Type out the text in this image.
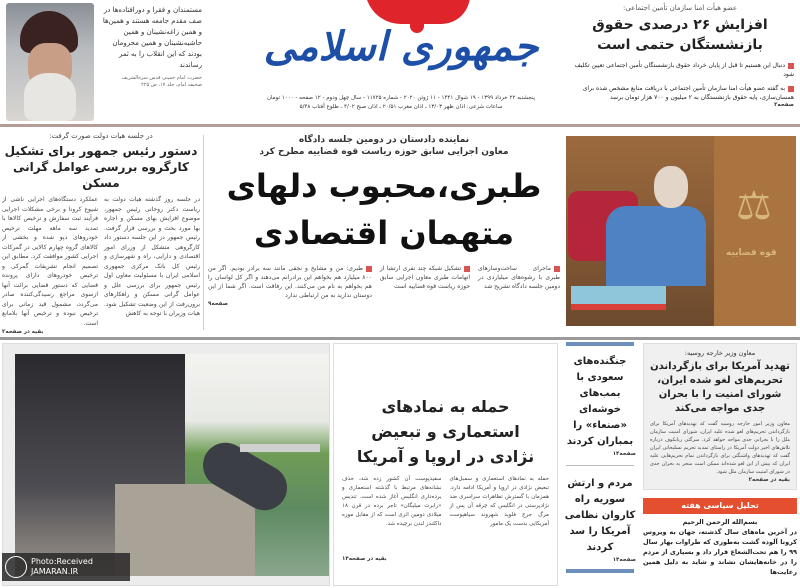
مستمندان و فقرا و دورافتاده‌ها در صف مقدم جامعه هستند و همین‌ها و همین زاغه‌نشینان و همین حاشیه‌نشینان و همین محرومان بودند که این انقلاب را به ثمر رساندند
حضرت امام خمینی قدس سره‌الشریف
صحیفه امام، جلد ۱۷، ص ۲۲۵
جمهوری اسلامی
پنجشنبه ۲۲ خرداد ۱۳۹۹ - ۱۹ شوال ۱۴۴۱ - ۱۱ ژوئن ۲۰۲۰ - شماره ۱۱۷۲۵ - سال چهل ودوم - ۱۲ صفحه - ۱۰۰۰ تومان
ساعات شرعی: اذان ظهر ۱۳/۰۳ ـ اذان مغرب ۲۰/۵۱ ـ اذان صبح ۴/۰۲ ـ طلوع آفتاب ۵/۴۸
عضو هیأت امنا سازمان تأمین اجتماعی:
افزایش ۲۶ درصدی حقوق بازنشستگان حتمی است
دنبال این هستیم تا قبل از پایان خرداد حقوق بازنشستگان تأمین اجتماعی تعیین تکلیف شود
به گفته عضو هیأت امنا سازمان تأمین اجتماعی با دریافت منابع مشخص شده برای همسان‌سازی، پایه حقوق بازنشستگان به ۲ میلیون و ۷۰۰ هزار تومان برسد
صفحه۲
در جلسه هیات دولت صورت گرفت:
دستور رئیس جمهور برای تشکیل کارگروه بررسی عوامل گرانی مسکن
در جلسه روز گذشته هیات دولت به ریاست دکتر روحانی رئیس جمهور، موضوع افزایش بهای مسکن و اجاره بها مورد بحث و بررسی قرار گرفت. رئیس جمهور در این جلسه دستور داد کارگروهی متشکل از وزرای امور اقتصادی و دارایی، راه و شهرسازی و رئیس کل بانک مرکزی جمهوری اسلامی ایران با مسئولیت معاون اول رئیس جمهور برای بررسی علل و عوامل گرانی مسکن و راهکارهای برون‌رفت از این وضعیت تشکیل شود. هیات وزیران با توجه به کاهش
عملکرد دستگاه‌های اجرایی ناشی از شیوع کرونا و برخی مشکلات اجرایی فرآیند ثبت سفارش و ترخیص کالاها با تمدید سه ماهه مهلت ترخیص خودروهای دپو شده و بخشی از کالاهای گروه چهارم کالایی در گمرکات اجرایی کشور موافقت کرد. مطابق این تصمیم انجام تشریفات گمرکی و ترخیص خودروهای دارای پرونده قضایی که دستور قضایی برائت آنها ازسوی مراجع رسیدگی‌کننده صادر می‌گردد، مشمول قید زمانی برای ترخیص نبوده و ترخیص آنها بلامانع است.
بقیه در صفحه۲
نماینده دادستان در دومین جلسه دادگاه
معاون اجرایی سابق حوزه ریاست قوه قضاییه مطرح کرد
طبری،محبوب دلهای
متهمان اقتصادی
ماجرای ساخت‌وسازهای طبری با رشوه‌های میلیاردی در دومین جلسه دادگاه تشریح شد
تشکیل شبکه چند نفری ارتشا از اتهامات طبری معاون اجرایی سابق حوزه ریاست قوه قضاییه است
طبری: من و مشایخ و نجفی مانند سه برادر بودیم. اگر من ۸۰۰ میلیارد هم بخواهم این برادرانم می‌دهند و اگر کل لواسان را هم بخواهم به نام من می‌کنند. این رفاقت است. اگر شما از این دوستان ندارید به من ارتباطی ندارد
صفحه۹
⚖
قوه قضاییه
Photo:Received
JAMARAN.IR
حمله به نمادهای استعماری و تبعیض نژادی در اروپا و آمریکا
حمله به نمادهای استعماری و سمبل‌های تبعیض نژادی در اروپا و آمریکا ادامه دارد. همزمان با گسترش تظاهرات سراسری ضد نژادپرستی در انگلیس که چرقه آن پس از مرگ جرج فلوید شهروند سیاهپوست آمریکایی بدست یک مامور
سفیدپوست آن کشور زده شد، حذف نشانه‌های مرتبط با گذشته استعماری و برده‌داری انگلیس آغاز شده است. تندیس «رابرت میلیگان» تاجر برده در قرن ۱۸ میلادی دومین اثری است که از مقابل موزه داکلندز لندن برچیده شد.
بقیه در صفحه۱۴
جنگنده‌های سعودی با بمب‌های خوشه‌ای «صنعاء» را بمباران کردند
صفحه۱۴
مردم و ارتش سوریه راه کاروان نظامی آمریکا را سد کردند
صفحه۱۴
معاون وزیر خارجه روسیه:
تهدید آمریکا برای بازگرداندن تحریم‌های لغو شده ایران، شورای امنیت را با بحران جدی مواجه می‌کند
معاون وزیر امور خارجه روسیه گفت که تهدیدهای آمریکا برای بازگرداندن تحریم‌های لغو شده علیه ایران، شورای امنیت سازمان ملل را با بحرانی جدی مواجه خواهد کرد. سرگئی ریابکوف درباره تلاش‌های اخیر دولت آمریکا در راستای تمدید تحریم تسلیحاتی ایران گفت که تهدیدهای واشنگتن برای بازگرداندن تمام تحریم‌هایی علیه ایران که پیش از این لغو شده‌اند ممکن است منجر به بحران جدی در شورای امنیت سازمان ملل شود.
بقیه در صفحه۲
تحلیل سیاسی هفته
بسم‌الله الرحمن الرحیم
در آخرین ماه‌های سال گذشته، جهان به ویروس کرونا آلوده گشت به‌طوری که طراوات بهار سال ۹۹ را هم تحت‌الشعاع قرار داد و بسیاری از مردم را در خانه‌هایشان نشاند و شاید به دلیل همین رعایت‌ها
